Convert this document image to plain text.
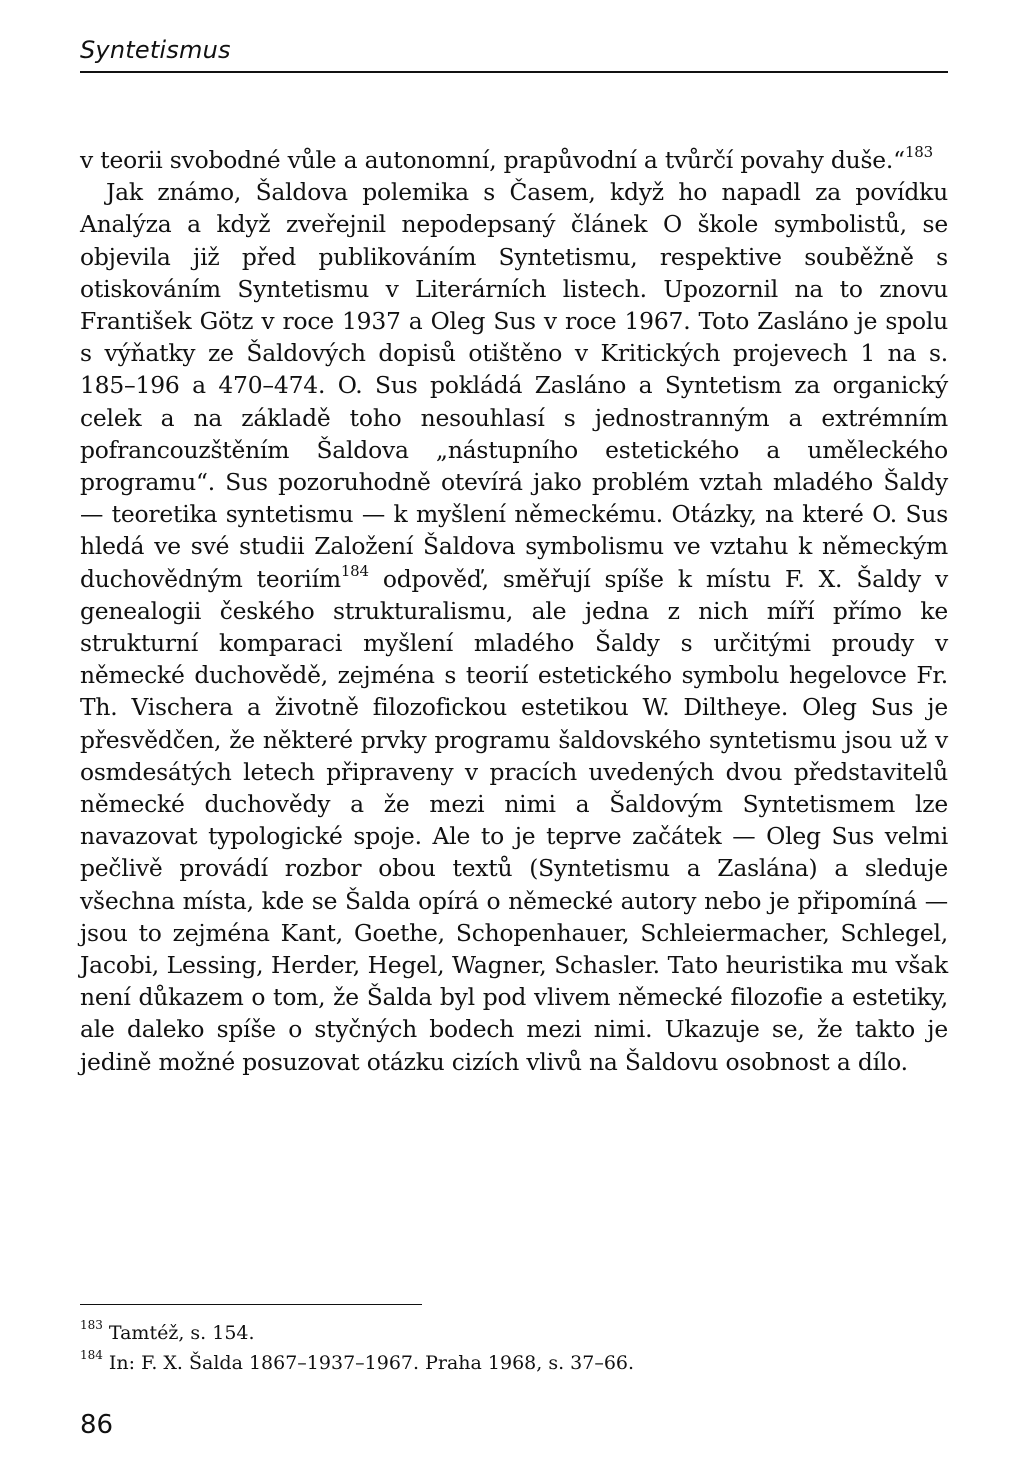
Syntetismus

v teorii svobodné vůle a autonomní, prapůvodní a tvůrčí povahy duše.“$^{183}$

Jak známo, Šaldova polemika s Časem, když ho napadl za povídku Analýza a když zveřejnil nepodepsaný článek O škole symbolistů, se objevila již před publikováním Syntetismu, respektive souběžně s otiskováním Syntetismu v Literárních listech. Upozornil na to znovu František Götz v roce 1937 a Oleg Sus v roce 1967. Toto Zasláno je spolu s výňatky ze Šaldových dopisů otištěno v Kritických projevech 1 na s. 185–196 a 470–474. O. Sus pokládá Zasláno a Syntetism za organický celek a na základě toho nesouhlasí s jednostranným a extrémním pofrancouzštěním Šaldova „nástupního estetického a uměleckého programu“. Sus pozoruhodně otevírá jako problém vztah mladého Šaldy — teoretika syntetismu — k myšlení německému. Otázky, na které O. Sus hledá ve své studii Založení Šaldova symbolismu ve vztahu k německým duchovědným teoriím$^{184}$ odpověď, směřují spíše k místu F. X. Šaldy v genealogii českého strukturalismu, ale jedna z nich míří přímo ke strukturní komparaci myšlení mladého Šaldy s určitými proudy v německé duchovědě, zejména s teorií estetického symbolu hegelovce Fr. Th. Vischera a životně filozofickou estetikou W. Diltheye. Oleg Sus je přesvědčen, že některé prvky programu šaldovského syntetismu jsou už v osmdesátých letech připraveny v pracích uvedených dvou představitelů německé duchovědy a že mezi nimi a Šaldovým Syntetismem lze navazovat typologické spoje. Ale to je teprve začátek — Oleg Sus velmi pečlivě provádí rozbor obou textů (Syntetismu a Zaslána) a sleduje všechna místa, kde se Šalda opírá o německé autory nebo je připomíná — jsou to zejména Kant, Goethe, Schopenhauer, Schleiermacher, Schlegel, Jacobi, Lessing, Herder, Hegel, Wagner, Schasler. Tato heuristika mu však není důkazem o tom, že Šalda byl pod vlivem německé filozofie a estetiky, ale daleko spíše o styčných bodech mezi nimi. Ukazuje se, že takto je jedině možné posuzovat otázku cizích vlivů na Šaldovu osobnost a dílo.

$^{183}$ Tamtéž, s. 154.
$^{184}$ In: F. X. Šalda 1867–1937–1967. Praha 1968, s. 37–66.
86
